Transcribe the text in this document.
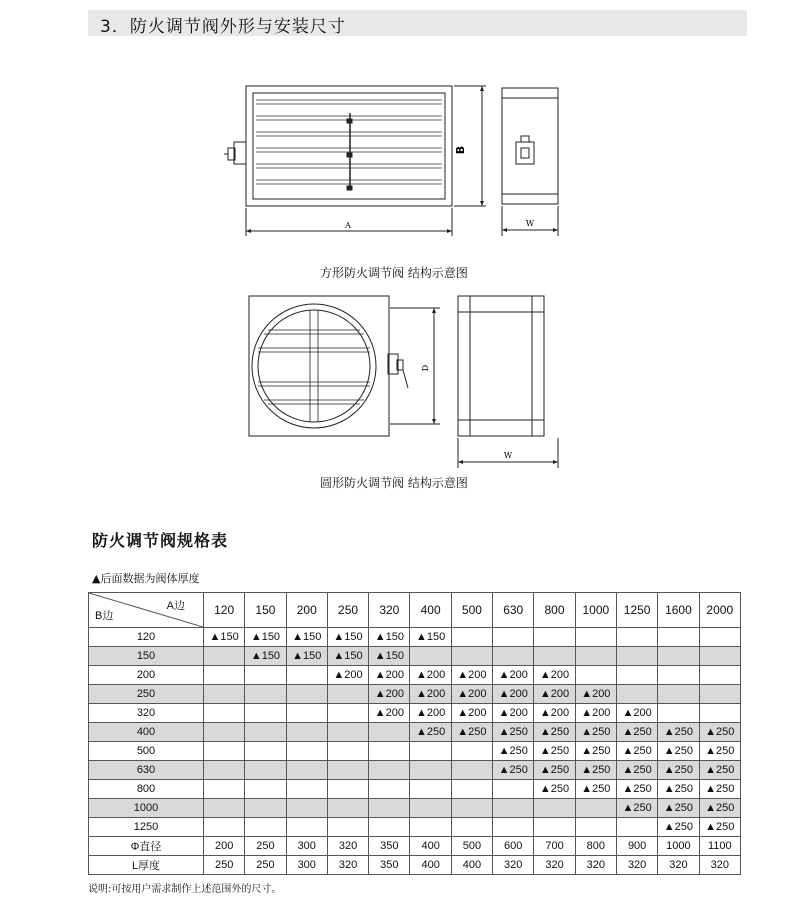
3．防火调节阀外形与安装尺寸
A
B
W
方形防火调节阀 结构示意图
D
W
圆形防火调节阀 结构示意图
防火调节阀规格表
▲后面数据为阀体厚度
A边
B边	120	150	200	250	320	400	500	630	800	1000	1250	1600	2000
120	▲150	▲150	▲150	▲150	▲150	▲150							
150		▲150	▲150	▲150	▲150								
200				▲200	▲200	▲200	▲200	▲200	▲200				
250					▲200	▲200	▲200	▲200	▲200	▲200			
320					▲200	▲200	▲200	▲200	▲200	▲200	▲200		
400						▲250	▲250	▲250	▲250	▲250	▲250	▲250	▲250
500								▲250	▲250	▲250	▲250	▲250	▲250
630								▲250	▲250	▲250	▲250	▲250	▲250
800									▲250	▲250	▲250	▲250	▲250
1000											▲250	▲250	▲250
1250												▲250	▲250
Φ直径	200	250	300	320	350	400	500	600	700	800	900	1000	1100
L厚度	250	250	300	320	350	400	400	320	320	320	320	320	320
说明:可按用户需求制作上述范围外的尺寸。
